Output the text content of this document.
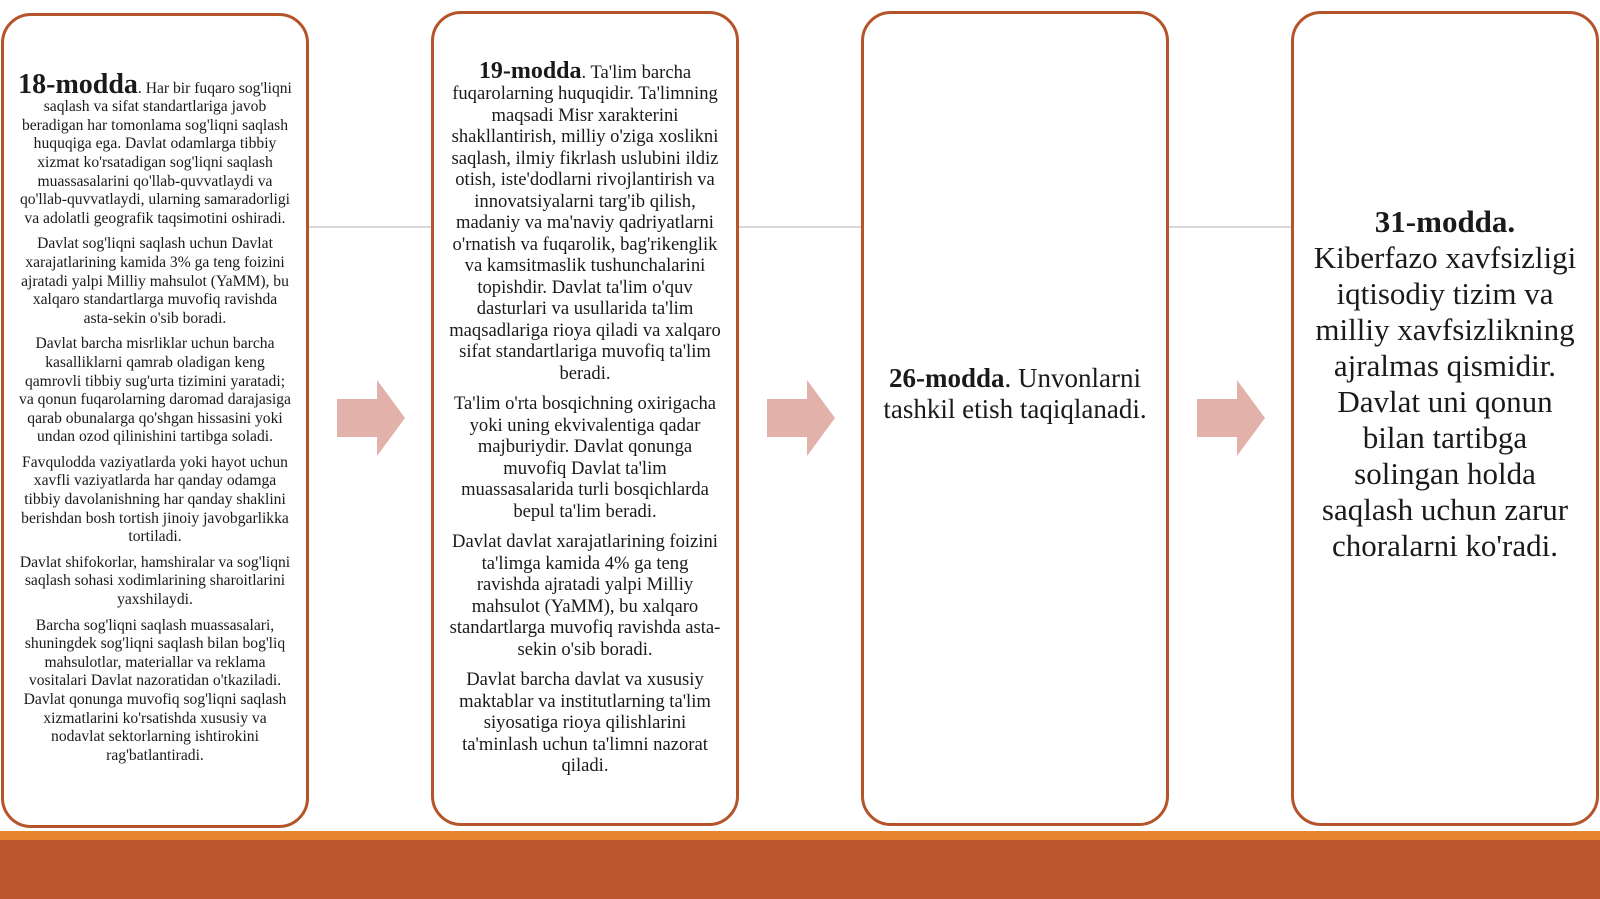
18-modda. Har bir fuqaro sog'liqni saqlash va sifat standartlariga javob beradigan har tomonlama sog'liqni saqlash huquqiga ega. Davlat odamlarga tibbiy xizmat ko'rsatadigan sog'liqni saqlash muassasalarini qo'llab-quvvatlaydi va qo'llab-quvvatlaydi, ularning samaradorligi va adolatli geografik taqsimotini oshiradi.

Davlat sog'liqni saqlash uchun Davlat xarajatlarining kamida 3% ga teng foizini ajratadi yalpi Milliy mahsulot (YaMM), bu xalqaro standartlarga muvofiq ravishda asta-sekin o'sib boradi.

Davlat barcha misrliklar uchun barcha kasalliklarni qamrab oladigan keng qamrovli tibbiy sug'urta tizimini yaratadi; va qonun fuqarolarning daromad darajasiga qarab obunalarga qo'shgan hissasini yoki undan ozod qilinishini tartibga soladi.

Favqulodda vaziyatlarda yoki hayot uchun xavfli vaziyatlarda har qanday odamga tibbiy davolanishning har qanday shaklini berishdan bosh tortish jinoiy javobgarlikka tortiladi.

Davlat shifokorlar, hamshiralar va sog'liqni saqlash sohasi xodimlarining sharoitlarini yaxshilaydi.

Barcha sog'liqni saqlash muassasalari, shuningdek sog'liqni saqlash bilan bog'liq mahsulotlar, materiallar va reklama vositalari Davlat nazoratidan o'tkaziladi. Davlat qonunga muvofiq sog'liqni saqlash xizmatlarini ko'rsatishda xususiy va nodavlat sektorlarning ishtirokini rag'batlantiradi.

19-modda. Ta'lim barcha fuqarolarning huquqidir. Ta'limning maqsadi Misr xarakterini shakllantirish, milliy o'ziga xoslikni saqlash, ilmiy fikrlash uslubini ildiz otish, iste'dodlarni rivojlantirish va innovatsiyalarni targ'ib qilish, madaniy va ma'naviy qadriyatlarni o'rnatish va fuqarolik, bag'rikenglik va kamsitmaslik tushunchalarini topishdir. Davlat ta'lim o'quv dasturlari va usullarida ta'lim maqsadlariga rioya qiladi va xalqaro sifat standartlariga muvofiq ta'lim beradi.

Ta'lim o'rta bosqichning oxirigacha yoki uning ekvivalentiga qadar majburiydir. Davlat qonunga muvofiq Davlat ta'lim muassasalarida turli bosqichlarda bepul ta'lim beradi.

Davlat davlat xarajatlarining foizini ta'limga kamida 4% ga teng ravishda ajratadi yalpi Milliy mahsulot (YaMM), bu xalqaro standartlarga muvofiq ravishda asta-sekin o'sib boradi.

Davlat barcha davlat va xususiy maktablar va institutlarning ta'lim siyosatiga rioya qilishlarini ta'minlash uchun ta'limni nazorat qiladi.

26-modda. Unvonlarni tashkil etish taqiqlanadi.

31-modda.
Kiberfazo xavfsizligi iqtisodiy tizim va milliy xavfsizlikning ajralmas qismidir. Davlat uni qonun bilan tartibga solingan holda saqlash uchun zarur choralarni ko'radi.
